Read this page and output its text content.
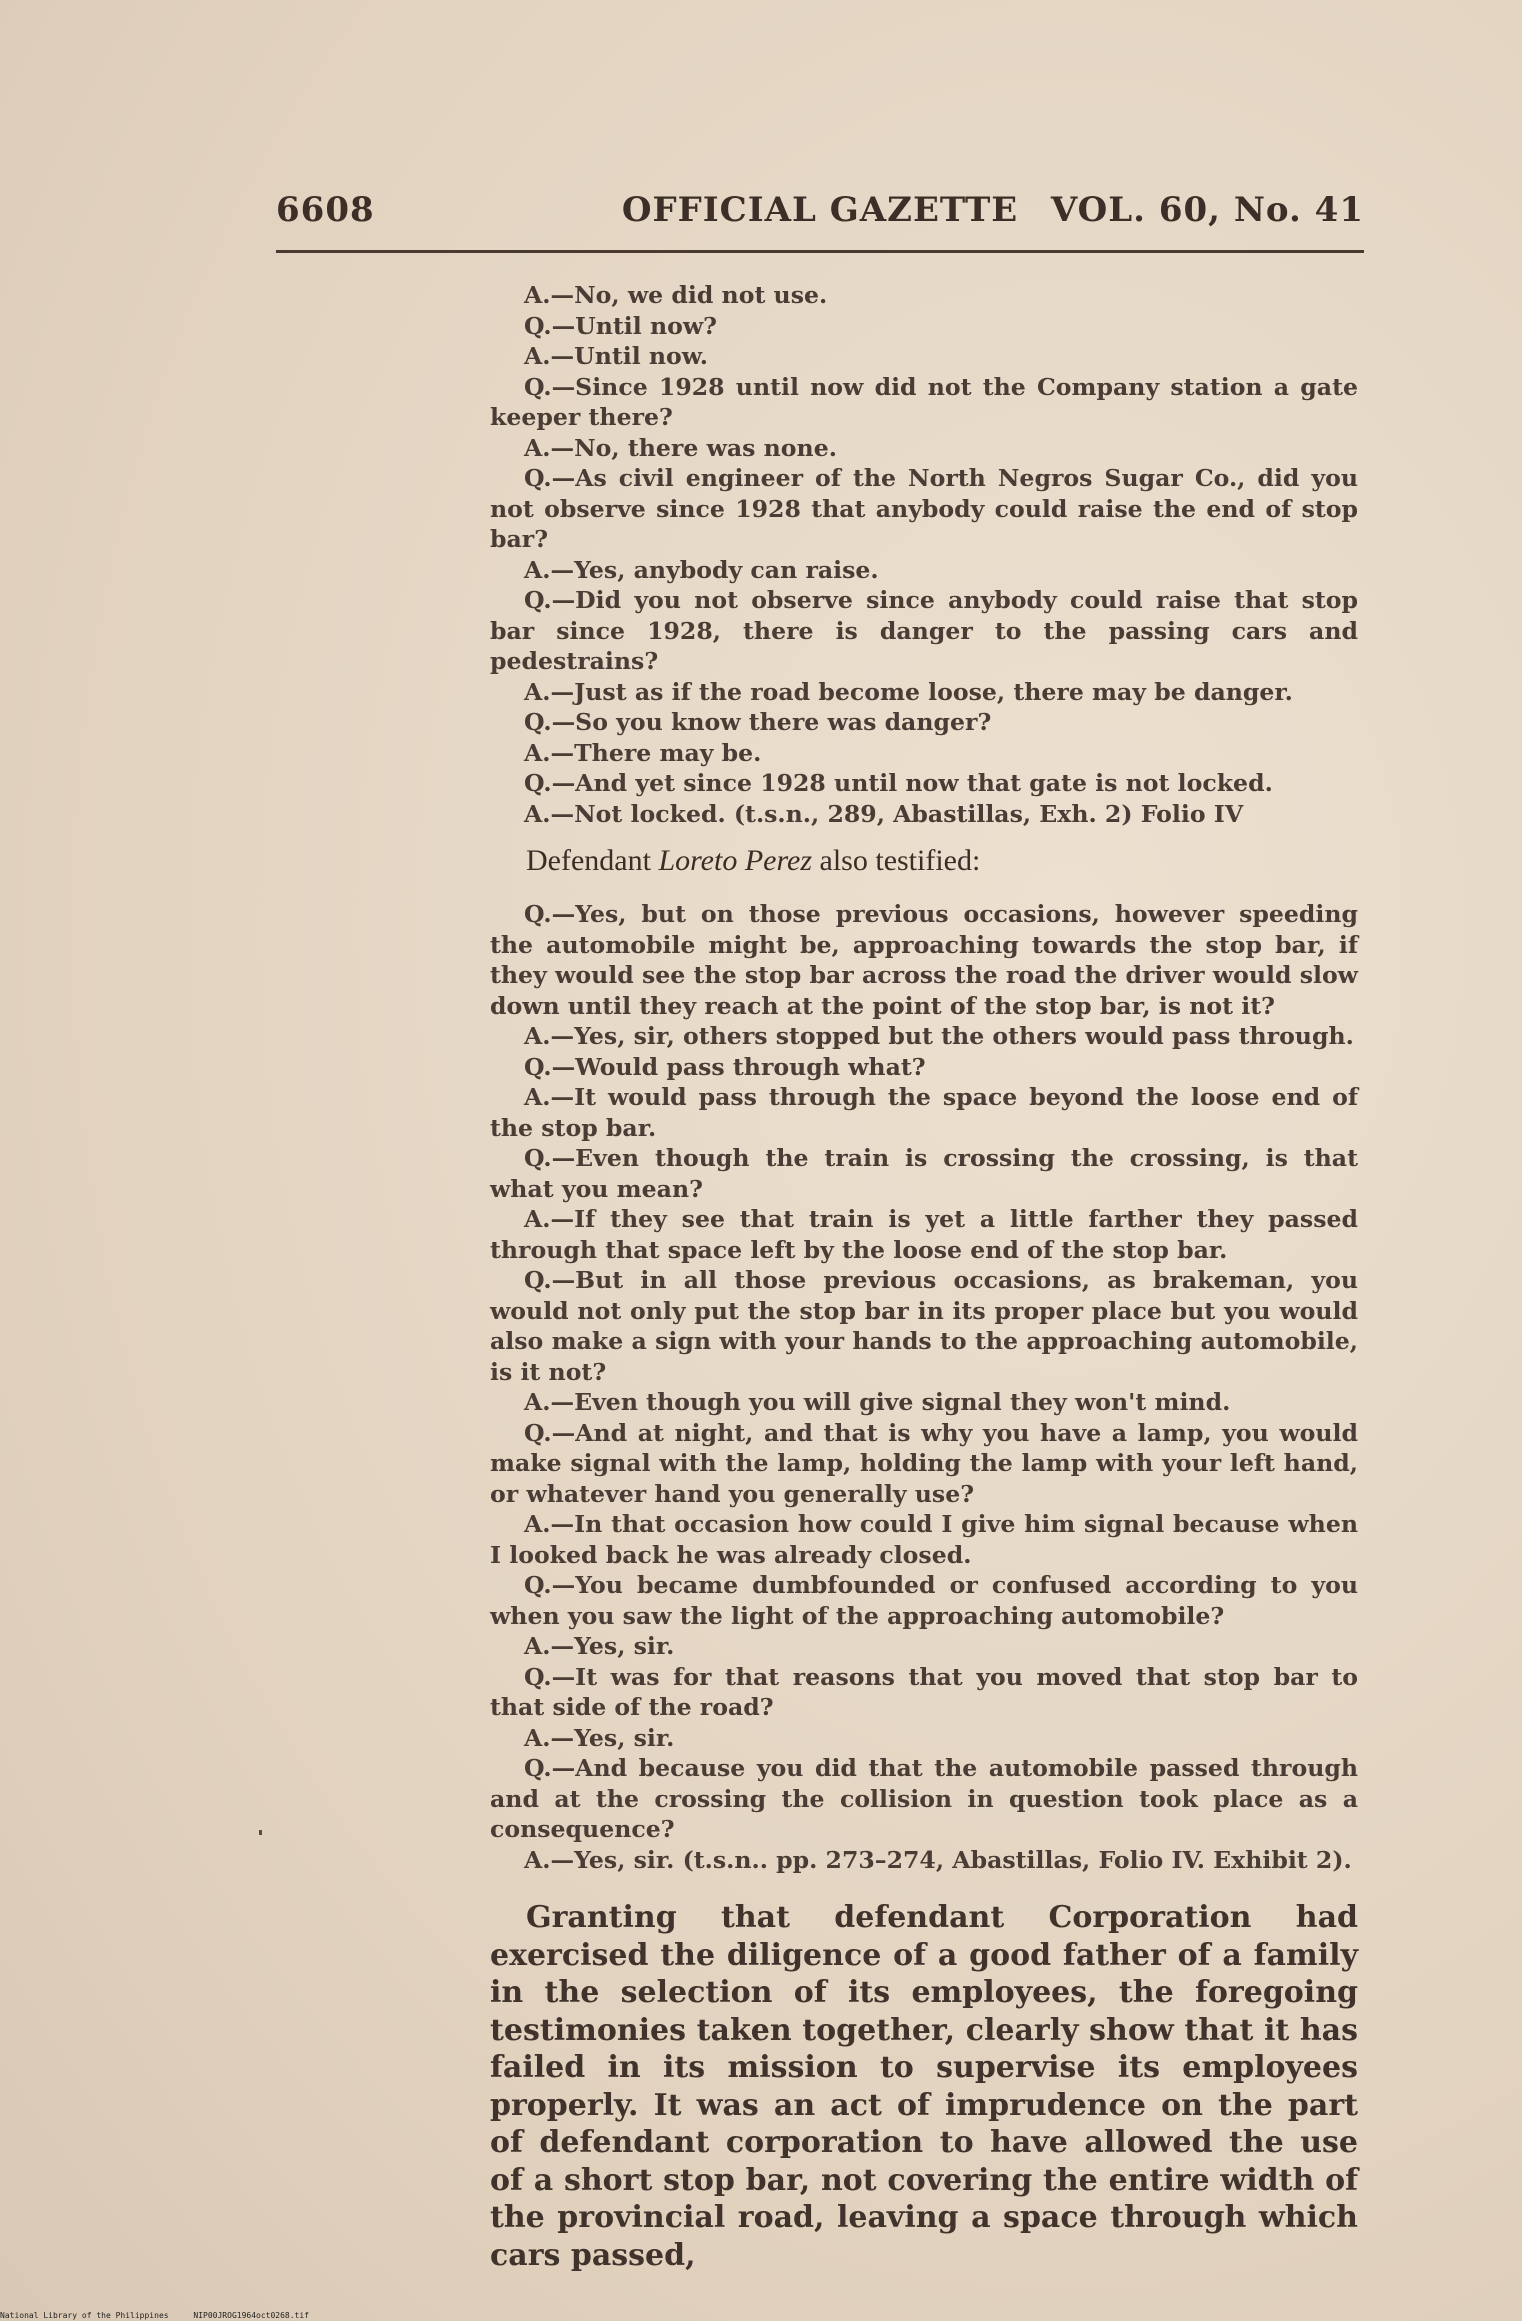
6608	OFFICIAL GAZETTE VOL. 60, No. 41

A.—No, we did not use.

Q.—Until now?

A.—Until now.

Q.—Since 1928 until now did not the Company station a gate keeper there?

A.—No, there was none.

Q.—As civil engineer of the North Negros Sugar Co., did you not observe since 1928 that anybody could raise the end of stop bar?

A.—Yes, anybody can raise.

Q.—Did you not observe since anybody could raise that stop bar since 1928, there is danger to the passing cars and pedestrains?

A.—Just as if the road become loose, there may be danger.

Q.—So you know there was danger?

A.—There may be.

Q.—And yet since 1928 until now that gate is not locked.

A.—Not locked. (t.s.n., 289, Abastillas, Exh. 2) Folio IV

Defendant Loreto Perez also testified:

Q.—Yes, but on those previous occasions, however speeding the automobile might be, approaching towards the stop bar, if they would see the stop bar across the road the driver would slow down until they reach at the point of the stop bar, is not it?

A.—Yes, sir, others stopped but the others would pass through.

Q.—Would pass through what?

A.—It would pass through the space beyond the loose end of the stop bar.

Q.—Even though the train is crossing the crossing, is that what you mean?

A.—If they see that train is yet a little farther they passed through that space left by the loose end of the stop bar.

Q.—But in all those previous occasions, as brakeman, you would not only put the stop bar in its proper place but you would also make a sign with your hands to the approaching automobile, is it not?

A.—Even though you will give signal they won't mind.

Q.—And at night, and that is why you have a lamp, you would make signal with the lamp, holding the lamp with your left hand, or whatever hand you generally use?

A.—In that occasion how could I give him signal because when I looked back he was already closed.

Q.—You became dumbfounded or confused according to you when you saw the light of the approaching automobile?

A.—Yes, sir.

Q.—It was for that reasons that you moved that stop bar to that side of the road?

A.—Yes, sir.

Q.—And because you did that the automobile passed through and at the crossing the collision in question took place as a consequence?

A.—Yes, sir. (t.s.n.. pp. 273–274, Abastillas, Folio IV. Exhibit 2).

Granting that defendant Corporation had exercised the diligence of a good father of a family in the selection of its employees, the foregoing testimonies taken together, clearly show that it has failed in its mission to supervise its employees properly. It was an act of imprudence on the part of defendant corporation to have allowed the use of a short stop bar, not covering the entire width of the provincial road, leaving a space through which cars passed,

National Library of the Philippines	NIP00JROG1964oct0268.tif
